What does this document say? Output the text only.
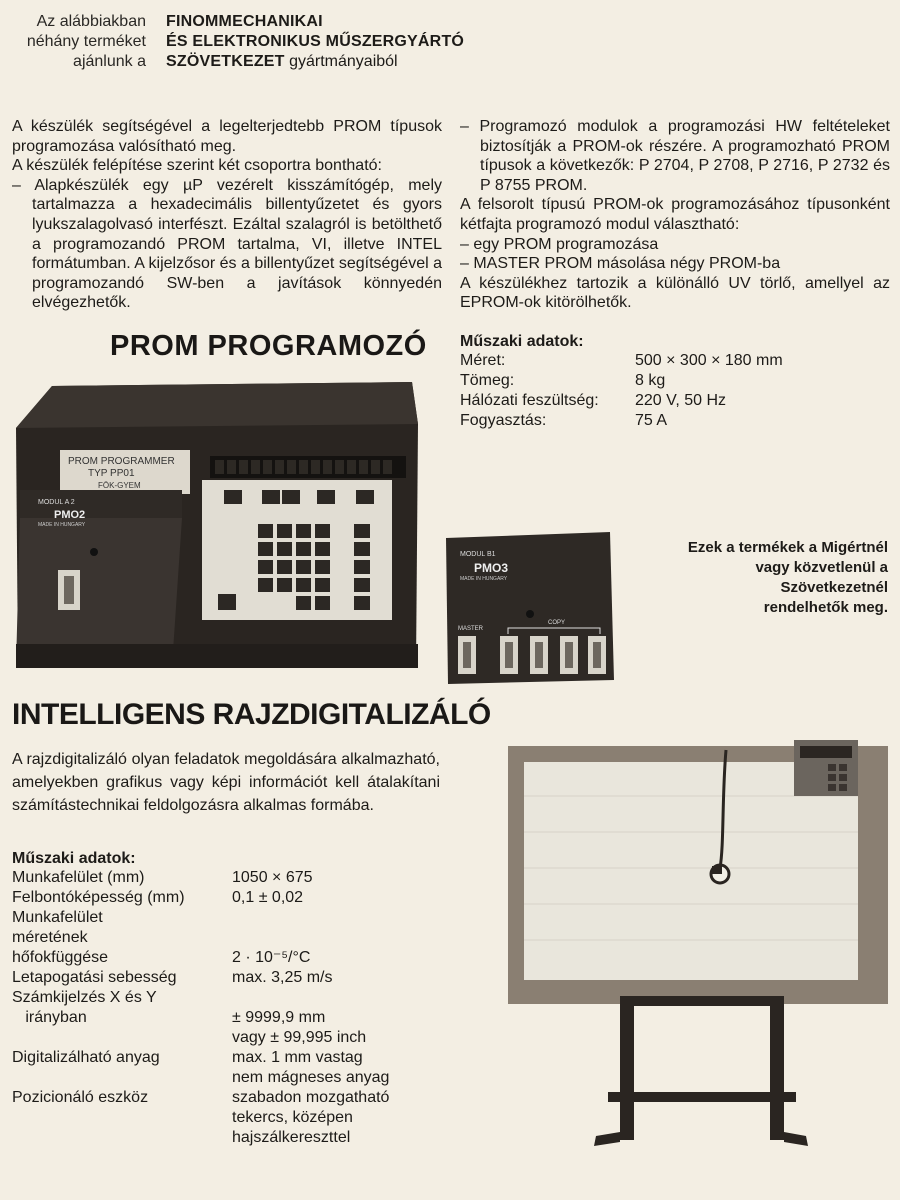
Az alábbiakban
néhány terméket
ajánlunk a
FINOMMECHANIKAI
ÉS ELEKTRONIKUS MŰSZERGYÁRTÓ
SZÖVETKEZET gyártmányaiból
A készülék segítségével a legelterjedtebb PROM típusok programozása valósítható meg.
A készülék felépítése szerint két csoportra bontható:
– Alapkészülék egy µP vezérelt kisszámítógép, mely tartalmazza a hexadecimális billentyűzetet és gyors lyukszalagolvasó interfészt. Ezáltal szalagról is betölthető a programozandó PROM tartalma, VI, illetve INTEL formátumban. A kijelzősor és a billentyűzet segítségével a programozandó SW-ben a javítások könnyedén elvégezhetők.
– Programozó modulok a programozási HW feltételeket biztosítják a PROM-ok részére. A programozható PROM típusok a következők: P 2704, P 2708, P 2716, P 2732 és P 8755 PROM.
A felsorolt típusú PROM-ok programozásához típusonként kétfajta programozó modul választható:
– egy PROM programozása
– MASTER PROM másolása négy PROM-ba
A készülékhez tartozik a különálló UV törlő, amellyel az EPROM-ok kitörölhetők.
PROM PROGRAMOZÓ Műszaki adatok:
Méret:	500 × 300 × 180 mm
Tömeg:	8 kg
Hálózati feszültség:	220 V, 50 Hz
Fogyasztás:	75 A
PROM PROGRAMMER
TYP PP01
FÖK-GYEM
MODUL A 2
PMO2
MADE IN HUNGARY
MODUL B1
PMO3
MADE IN HUNGARY
MASTER
COPY
Ezek a termékek a Migértnél
vagy közvetlenül a
Szövetkezetnél
rendelhetők meg.
INTELLIGENS RAJZDIGITALIZÁLÓ
A rajzdigitalizáló olyan feladatok megoldására alkalmazható, amelyekben grafikus vagy képi információt kell átalakítani számítástechnikai feldolgozásra alkalmas formába.
Műszaki adatok:
Munkafelület (mm)	1050 × 675
Felbontóképesség (mm)	0,1 ± 0,02
Munkafelület
méretének
hőfokfüggése	2 · 10⁻⁵/°C
Letapogatási sebesség	max. 3,25 m/s
Számkijelzés X és Y
irányban	± 9999,9 mm
vagy ± 99,995 inch
Digitalizálható anyag	max. 1 mm vastag
nem mágneses anyag
Pozicionáló eszköz	szabadon mozgatható
tekercs, középen
hajszálkereszttel
